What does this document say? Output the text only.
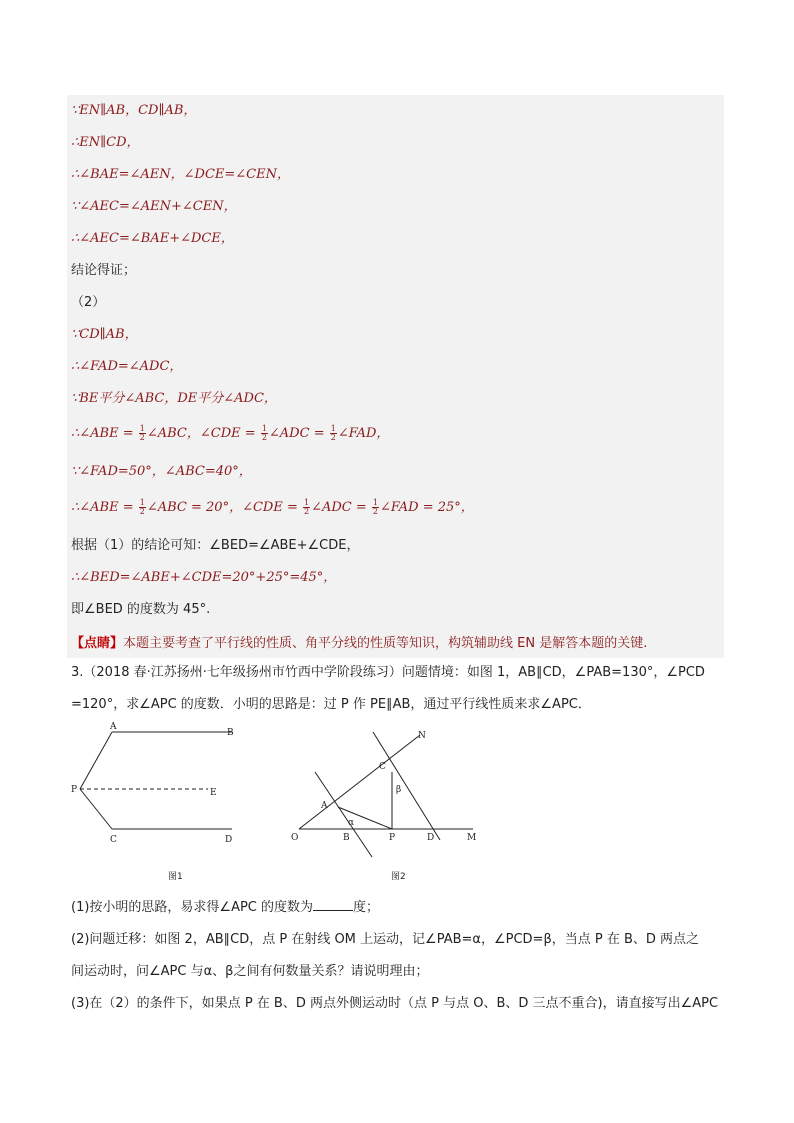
∵EN∥AB，CD∥AB，
∴EN∥CD，
∴∠BAE=∠AEN，∠DCE=∠CEN，
∵∠AEC=∠AEN+∠CEN，
∴∠AEC=∠BAE+∠DCE，
结论得证；
（2）
∵CD∥AB，
∴∠FAD=∠ADC，
∵BE平分∠ABC，DE平分∠ADC，
∴∠ABE = $\frac{1}{2}$ ∠ABC，∠CDE = $\frac{1}{2}$ ∠ADC = $\frac{1}{2}$ ∠FAD，
∵∠FAD=50°，∠ABC=40°，
∴∠ABE = $\frac{1}{2}$ ∠ABC = 20°，∠CDE = $\frac{1}{2}$ ∠ADC = $\frac{1}{2}$ ∠FAD = 25°，
根据（1）的结论可知：∠BED=∠ABE+∠CDE，
∴∠BED=∠ABE+∠CDE=20°+25°=45°，
即∠BED 的度数为 45°.
【点睛】本题主要考查了平行线的性质、角平分线的性质等知识，构筑辅助线 EN 是解答本题的关键.
3.（2018 春·江苏扬州·七年级扬州市竹西中学阶段练习）问题情境：如图 1，AB∥CD，∠PAB=130°，∠PCD
=120°，求∠APC 的度数．小明的思路是：过 P 作 PE∥AB，通过平行线性质来求∠APC．
A
B
P	E
C	D
图1
N
C
β
A
α
O	B	P	D	M
图2
(1)按小明的思路，易求得∠APC 的度数为	度；
(2)问题迁移：如图 2，AB∥CD，点 P 在射线 OM 上运动，记∠PAB=α，∠PCD=β，当点 P 在 B、D 两点之
间运动时，问∠APC 与α、β之间有何数量关系？请说明理由；
(3)在（2）的条件下，如果点 P 在 B、D 两点外侧运动时（点 P 与点 O、B、D 三点不重合)，请直接写出∠APC
